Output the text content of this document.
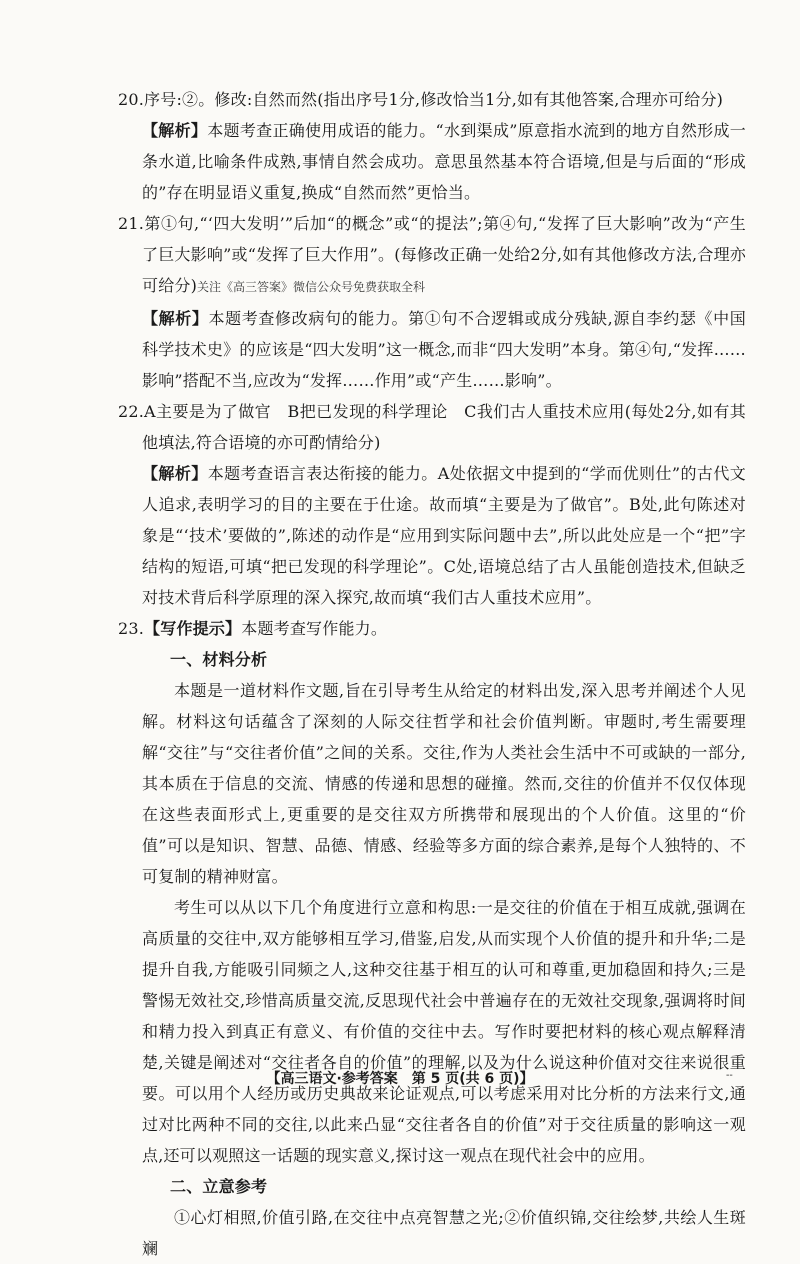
20.序号:②。修改:自然而然(指出序号1分,修改恰当1分,如有其他答案,合理亦可给分)

【解析】本题考查正确使用成语的能力。“水到渠成”原意指水流到的地方自然形成一条水道,比喻条件成熟,事情自然会成功。意思虽然基本符合语境,但是与后面的“形成的”存在明显语义重复,换成“自然而然”更恰当。

21.第①句,“‘四大发明’”后加“的概念”或“的提法”;第④句,“发挥了巨大影响”改为“产生了巨大影响”或“发挥了巨大作用”。(每修改正确一处给2分,如有其他修改方法,合理亦可给分)关注《高三答案》微信公众号免费获取全科

【解析】本题考查修改病句的能力。第①句不合逻辑或成分残缺,源自李约瑟《中国科学技术史》的应该是“四大发明”这一概念,而非“四大发明”本身。第④句,“发挥……影响”搭配不当,应改为“发挥……作用”或“产生……影响”。

22.A主要是为了做官　B把已发现的科学理论　C我们古人重技术应用(每处2分,如有其他填法,符合语境的亦可酌情给分)

【解析】本题考查语言表达衔接的能力。A处依据文中提到的“学而优则仕”的古代文人追求,表明学习的目的主要在于仕途。故而填“主要是为了做官”。B处,此句陈述对象是“‘技术’要做的”,陈述的动作是“应用到实际问题中去”,所以此处应是一个“把”字结构的短语,可填“把已发现的科学理论”。C处,语境总结了古人虽能创造技术,但缺乏对技术背后科学原理的深入探究,故而填“我们古人重技术应用”。

23.【写作提示】本题考查写作能力。

一、材料分析

本题是一道材料作文题,旨在引导考生从给定的材料出发,深入思考并阐述个人见解。材料这句话蕴含了深刻的人际交往哲学和社会价值判断。审题时,考生需要理解“交往”与“交往者价值”之间的关系。交往,作为人类社会生活中不可或缺的一部分,其本质在于信息的交流、情感的传递和思想的碰撞。然而,交往的价值并不仅仅体现在这些表面形式上,更重要的是交往双方所携带和展现出的个人价值。这里的“价值”可以是知识、智慧、品德、情感、经验等多方面的综合素养,是每个人独特的、不可复制的精神财富。

考生可以从以下几个角度进行立意和构思:一是交往的价值在于相互成就,强调在高质量的交往中,双方能够相互学习,借鉴,启发,从而实现个人价值的提升和升华;二是提升自我,方能吸引同频之人,这种交往基于相互的认可和尊重,更加稳固和持久;三是警惕无效社交,珍惜高质量交流,反思现代社会中普遍存在的无效社交现象,强调将时间和精力投入到真正有意义、有价值的交往中去。写作时要把材料的核心观点解释清楚,关键是阐述对“交往者各自的价值”的理解,以及为什么说这种价值对交往来说很重要。可以用个人经历或历史典故来论证观点,可以考虑采用对比分析的方法来行文,通过对比两种不同的交往,以此来凸显“交往者各自的价值”对于交往质量的影响这一观点,还可以观照这一话题的现实意义,探讨这一观点在现代社会中的应用。

二、立意参考

①心灯相照,价值引路,在交往中点亮智慧之光;②价值织锦,交往绘梦,共绘人生斑斓

【高三语文·参考答案　第 5 页(共 6 页)】	--
